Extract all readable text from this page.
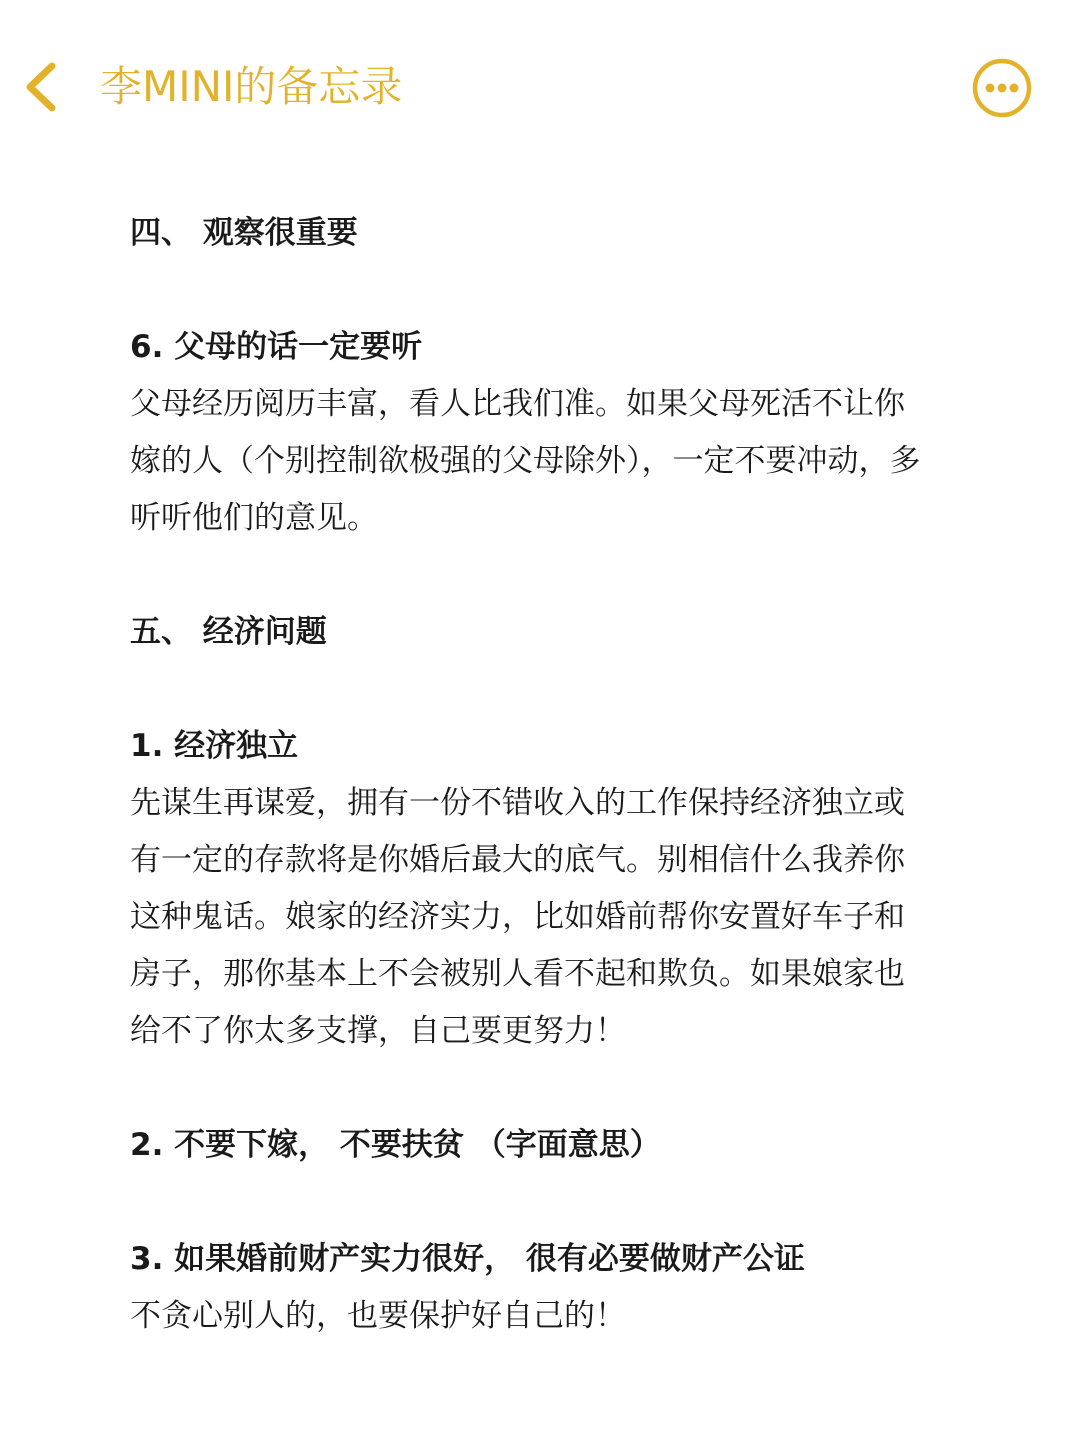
李MINI的备忘录
四、 观察很重要
6. 父母的话一定要听
父母经历阅历丰富，看人比我们准。如果父母死活不让你
嫁的人（个别控制欲极强的父母除外），一定不要冲动，多
听听他们的意见。
五、 经济问题
1. 经济独立
先谋生再谋爱，拥有一份不错收入的工作保持经济独立或
有一定的存款将是你婚后最大的底气。别相信什么我养你
这种鬼话。娘家的经济实力，比如婚前帮你安置好车子和
房子，那你基本上不会被别人看不起和欺负。如果娘家也
给不了你太多支撑，自己要更努力！
2. 不要下嫁， 不要扶贫 （字面意思）
3. 如果婚前财产实力很好， 很有必要做财产公证
不贪心别人的，也要保护好自己的！
